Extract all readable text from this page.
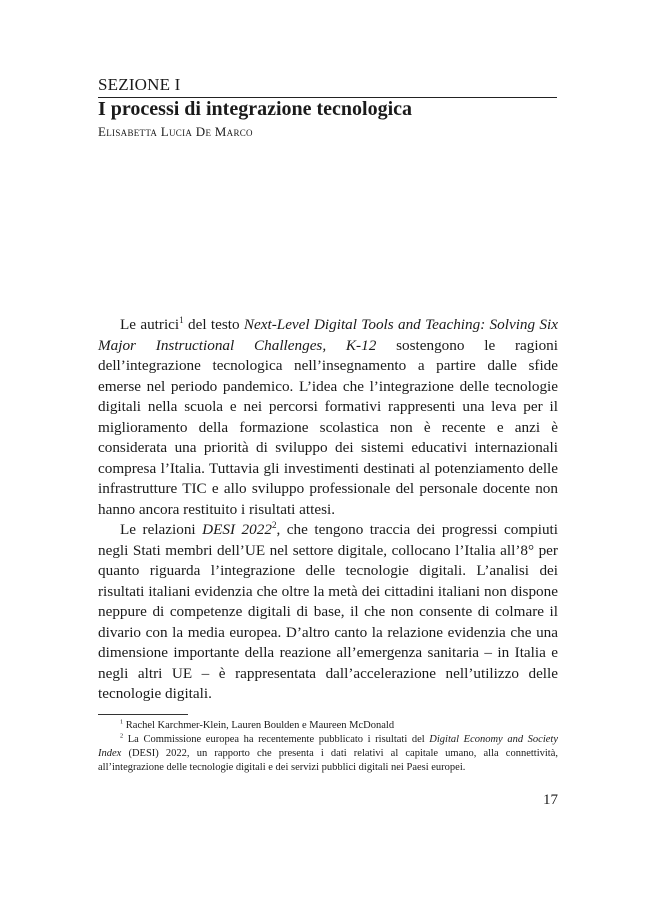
SEZIONE I
I processi di integrazione tecnologica
Elisabetta Lucia De Marco

Le autrici$^1$ del testo Next-Level Digital Tools and Teaching: Solving Six Major Instructional Challenges, K-12 sostengono le ragioni dell’integrazione tecnologica nell’insegnamento a partire dalle sfide emerse nel periodo pandemico. L’idea che l’integrazione delle tecnologie digitali nella scuola e nei percorsi formativi rappresenti una leva per il miglioramento della formazione scolastica non è recente e anzi è considerata una priorità di sviluppo dei sistemi educativi internazionali compresa l’Italia. Tuttavia gli investimenti destinati al potenziamento delle infrastrutture TIC e allo sviluppo professionale del personale docente non hanno ancora restituito i risultati attesi.

Le relazioni DESI 2022$^2$, che tengono traccia dei progressi compiuti negli Stati membri dell’UE nel settore digitale, collocano l’Italia all’8° per quanto riguarda l’integrazione delle tecnologie digitali. L’analisi dei risultati italiani evidenzia che oltre la metà dei cittadini italiani non dispone neppure di competenze digitali di base, il che non consente di colmare il divario con la media europea. D’altro canto la relazione evidenzia che una dimensione importante della reazione all’emergenza sanitaria – in Italia e negli altri UE – è rappresentata dall’accelerazione nell’utilizzo delle tecnologie digitali.

$^1$ Rachel Karchmer-Klein, Lauren Boulden e Maureen McDonald

$^2$ La Commissione europea ha recentemente pubblicato i risultati del Digital Economy and Society Index (DESI) 2022, un rapporto che presenta i dati relativi al capitale umano, alla connettività, all’integrazione delle tecnologie digitali e dei servizi pubblici digitali nei Paesi europei.

17
